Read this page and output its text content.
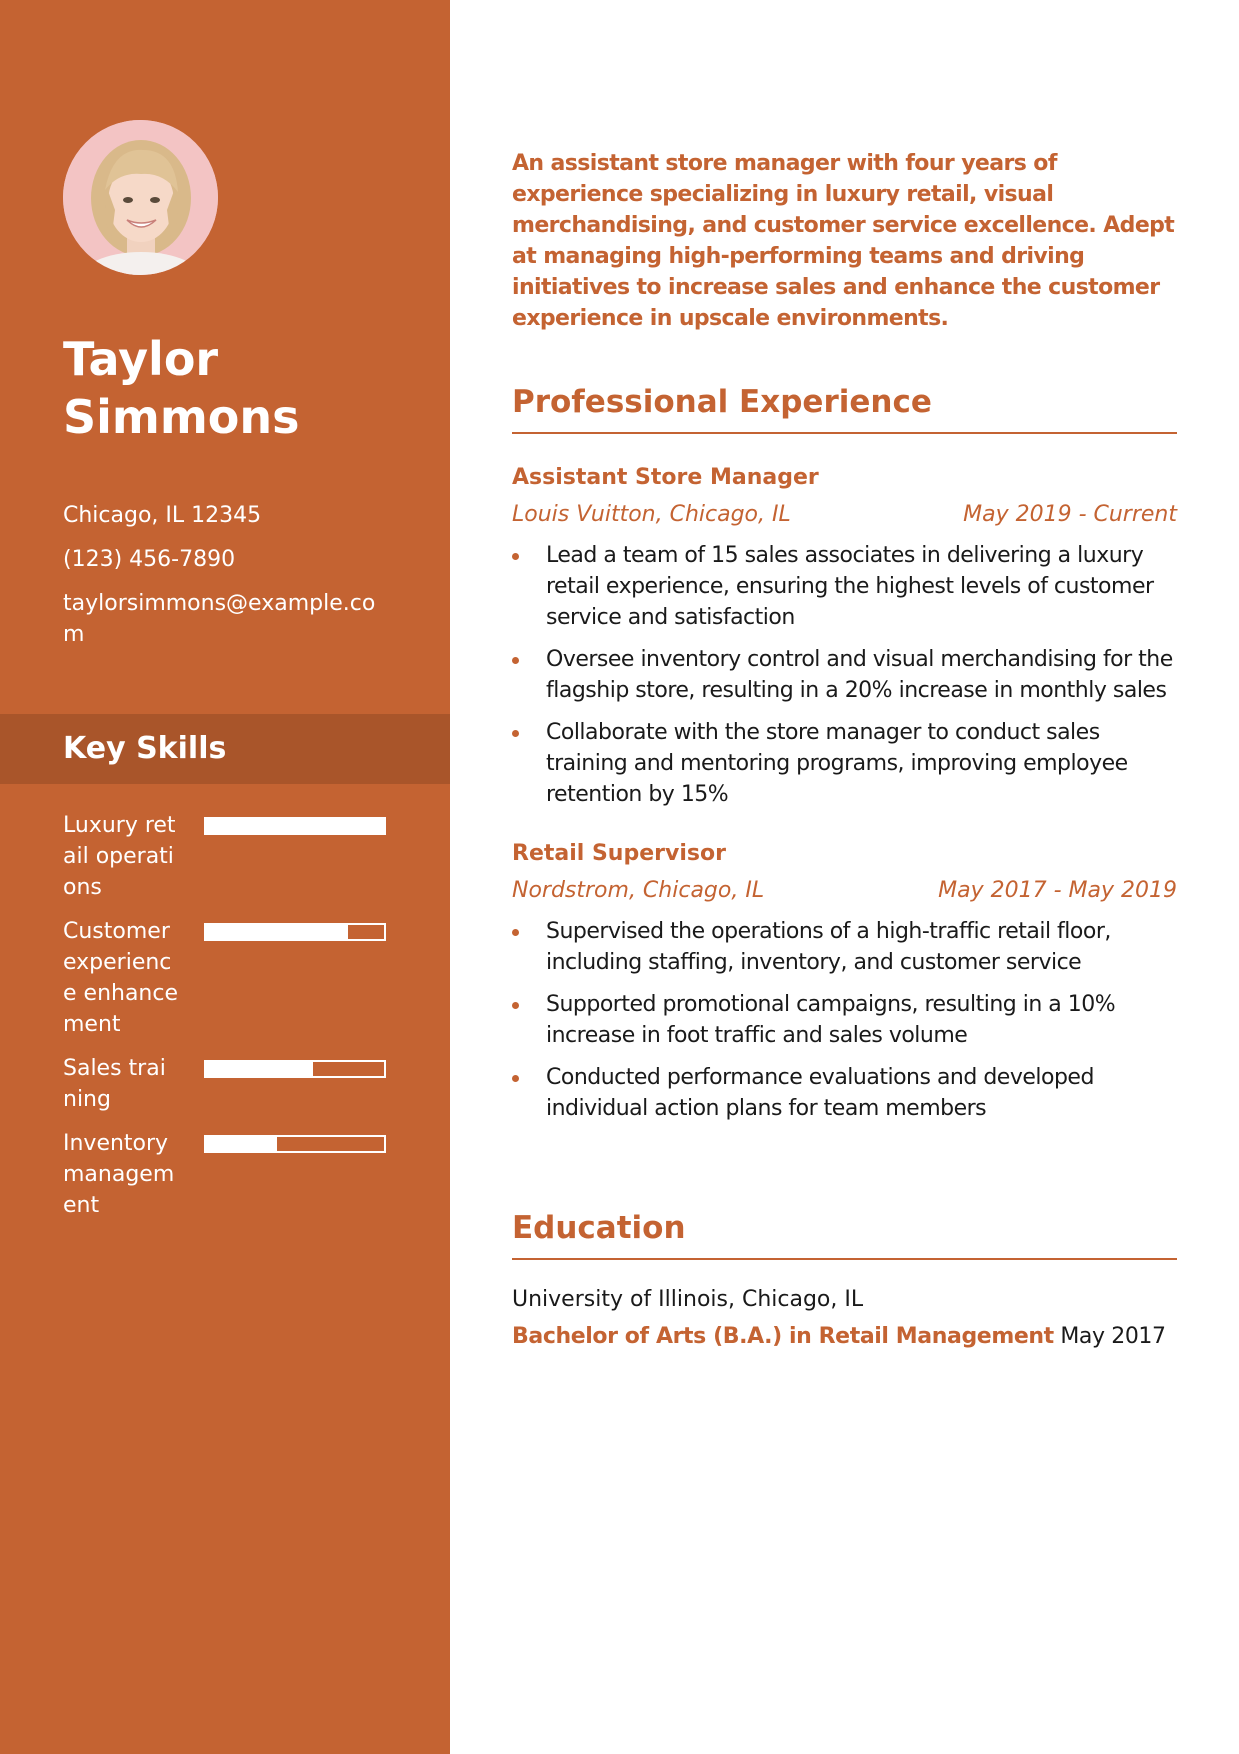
Taylor
Simmons
Chicago, IL 12345
(123) 456-7890
taylorsimmons@example.com
Key Skills
Luxury retail operations
Customer experience enhancement
Sales training
Inventory management

An assistant store manager with four years of experience specializing in luxury retail, visual merchandising, and customer service excellence. Adept at managing high-performing teams and driving initiatives to increase sales and enhance the customer experience in upscale environments.

Professional Experience
Assistant Store Manager
Louis Vuitton, Chicago, IL	May 2019 - Current
Lead a team of 15 sales associates in delivering a luxury retail experience, ensuring the highest levels of customer service and satisfaction
Oversee inventory control and visual merchandising for the flagship store, resulting in a 20% increase in monthly sales
Collaborate with the store manager to conduct sales training and mentoring programs, improving employee retention by 15%
Retail Supervisor
Nordstrom, Chicago, IL	May 2017 - May 2019
Supervised the operations of a high-traffic retail floor, including staffing, inventory, and customer service
Supported promotional campaigns, resulting in a 10% increase in foot traffic and sales volume
Conducted performance evaluations and developed individual action plans for team members
Education
University of Illinois, Chicago, IL
Bachelor of Arts (B.A.) in Retail Management May 2017
